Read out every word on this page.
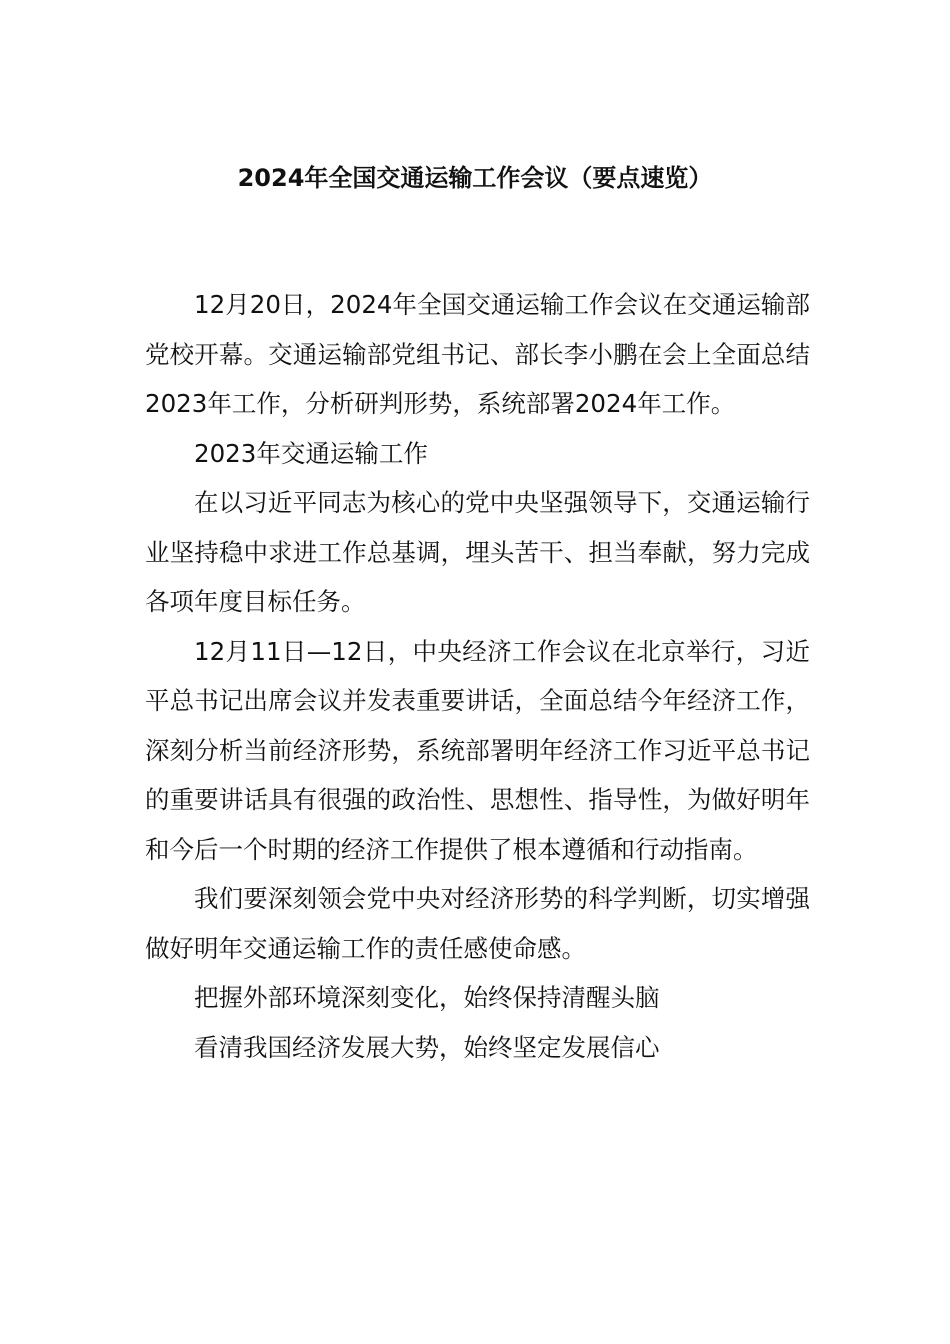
2024年全国交通运输工作会议（要点速览）

12月20日，2024年全国交通运输工作会议在交通运输部党校开幕。交通运输部党组书记、部长李小鹏在会上全面总结2023年工作，分析研判形势，系统部署2024年工作。

2023年交通运输工作

在以习近平同志为核心的党中央坚强领导下，交通运输行业坚持稳中求进工作总基调，埋头苦干、担当奉献，努力完成各项年度目标任务。

12月11日—12日，中央经济工作会议在北京举行，习近平总书记出席会议并发表重要讲话，全面总结今年经济工作，深刻分析当前经济形势，系统部署明年经济工作习近平总书记的重要讲话具有很强的政治性、思想性、指导性，为做好明年和今后一个时期的经济工作提供了根本遵循和行动指南。

我们要深刻领会党中央对经济形势的科学判断，切实增强做好明年交通运输工作的责任感使命感。

把握外部环境深刻变化，始终保持清醒头脑

看清我国经济发展大势，始终坚定发展信心
